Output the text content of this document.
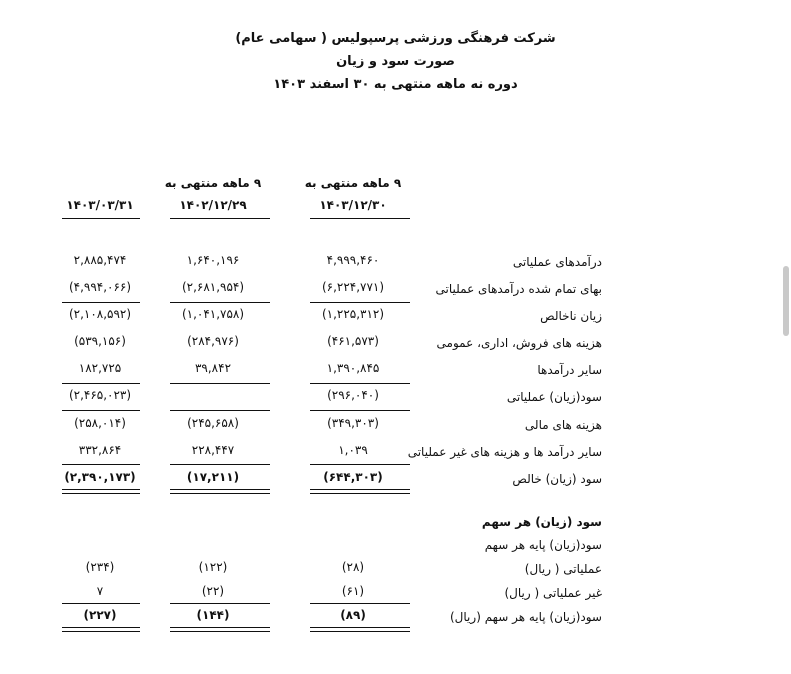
شرکت فرهنگی ورزشی پرسپولیس ( سهامی عام)
صورت سود و زیان
دوره نه ماهه منتهی به ۳۰ اسفند ۱۴۰۳
۹ ماهه منتهی به
۱۴۰۳/۱۲/۳۰
۹ ماهه منتهی به
۱۴۰۲/۱۲/۲۹
۱۴۰۳/۰۳/۳۱
درآمدهای عملیاتی
۴,۹۹۹,۴۶۰
۱,۶۴۰,۱۹۶
۲,۸۸۵,۴۷۴
بهای تمام شده درآمدهای عملیاتی
(۶,۲۲۴,۷۷۱)
(۲,۶۸۱,۹۵۴)
(۴,۹۹۴,۰۶۶)
زیان ناخالص
(۱,۲۲۵,۳۱۲)
(۱,۰۴۱,۷۵۸)
(۲,۱۰۸,۵۹۲)
هزینه های فروش، اداری، عمومی
(۴۶۱,۵۷۳)
(۲۸۴,۹۷۶)
(۵۳۹,۱۵۶)
سایر درآمدها
۱,۳۹۰,۸۴۵
۳۹,۸۴۲
۱۸۲,۷۲۵
سود(زیان) عملیاتی
(۲۹۶,۰۴۰)
(۲,۴۶۵,۰۲۳)
هزینه های مالی
(۳۴۹,۳۰۳)
(۲۴۵,۶۵۸)
(۲۵۸,۰۱۴)
سایر درآمد ها و هزینه های غیر عملیاتی
۱,۰۳۹
۲۲۸,۴۴۷
۳۳۲,۸۶۴
سود (زیان) خالص
(۶۴۴,۳۰۳)
(۱۷,۲۱۱)
(۲,۳۹۰,۱۷۳)
سود (زیان) هر سهم
سود(زیان) پایه هر سهم
عملیاتی ( ریال)
(۲۸)
(۱۲۲)
(۲۳۴)
غیر عملیاتی ( ریال)
(۶۱)
(۲۲)
۷
سود(زیان) پایه هر سهم (ریال)
(۸۹)
(۱۴۴)
(۲۲۷)
